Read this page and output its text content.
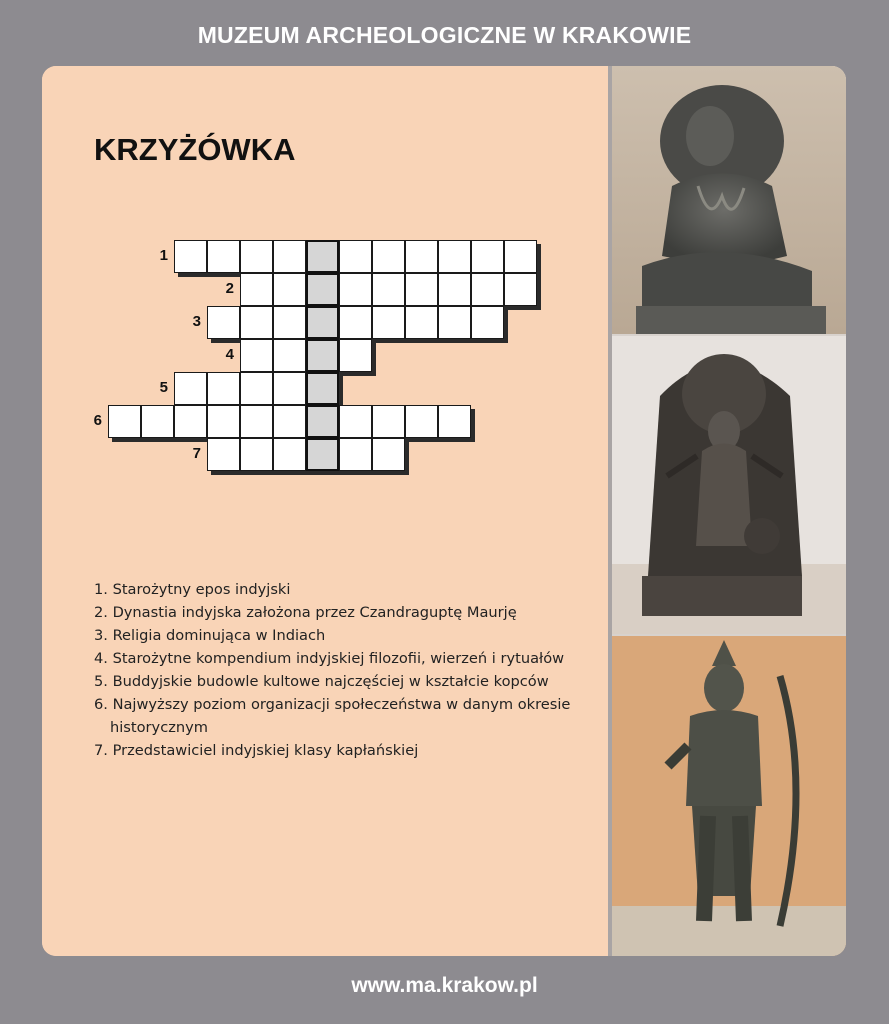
MUZEUM ARCHEOLOGICZNE W KRAKOWIE
KRZYŻÓWKA
1
2
3
4
5
6
7
1. Starożytny epos indyjski
2. Dynastia indyjska założona przez Czandraguptę Maurję
3. Religia dominująca w Indiach
4. Starożytne kompendium indyjskiej filozofii, wierzeń i rytuałów
5. Buddyjskie budowle kultowe najczęściej w kształcie kopców
6. Najwyższy poziom organizacji społeczeństwa w danym okresie historycznym
7. Przedstawiciel indyjskiej klasy kapłańskiej
www.ma.krakow.pl
